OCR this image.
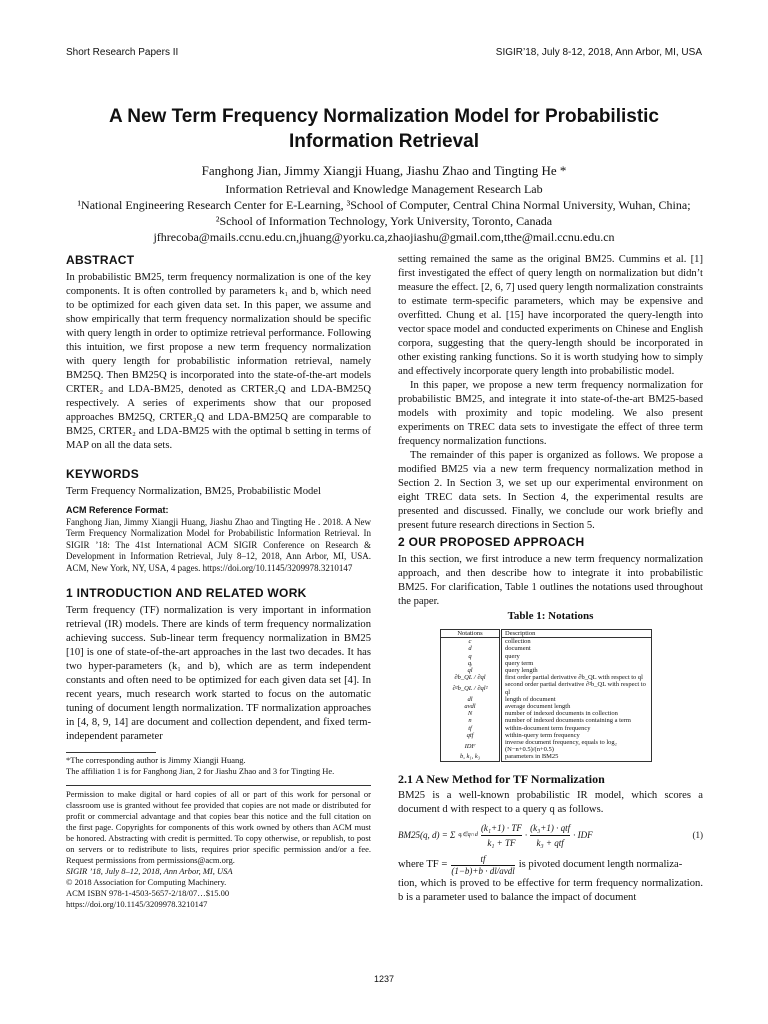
Short Research Papers II	SIGIR’18, July 8-12, 2018, Ann Arbor, MI, USA
A New Term Frequency Normalization Model for Probabilistic Information Retrieval
Fanghong Jian, Jimmy Xiangji Huang, Jiashu Zhao and Tingting He *
Information Retrieval and Knowledge Management Research Lab
¹National Engineering Research Center for E-Learning, ³School of Computer, Central China Normal University, Wuhan, China; ²School of Information Technology, York University, Toronto, Canada
jfhrecoba@mails.ccnu.edu.cn,jhuang@yorku.ca,zhaojiashu@gmail.com,tthe@mail.ccnu.edu.cn
ABSTRACT

In probabilistic BM25, term frequency normalization is one of the key components. It is often controlled by parameters k₁ and b, which need to be optimized for each given data set. In this paper, we assume and show empirically that term frequency normalization should be specific with query length in order to optimize retrieval performance. Following this intuition, we first propose a new term frequency normalization with query length for probabilistic information retrieval, namely BM25Q. Then BM25Q is incorporated into the state-of-the-art models CRTER₂ and LDA-BM25, denoted as CRTER₂Q and LDA-BM25Q respectively. A series of experiments show that our proposed approaches BM25Q, CRTER₂Q and LDA-BM25Q are comparable to BM25, CRTER₂ and LDA-BM25 with the optimal b setting in terms of MAP on all the data sets.

KEYWORDS

Term Frequency Normalization, BM25, Probabilistic Model

ACM Reference Format:

Fanghong Jian, Jimmy Xiangji Huang, Jiashu Zhao and Tingting He . 2018. A New Term Frequency Normalization Model for Probabilistic Information Retrieval. In SIGIR ’18: The 41st International ACM SIGIR Conference on Research & Development in Information Retrieval, July 8–12, 2018, Ann Arbor, MI, USA. ACM, New York, NY, USA, 4 pages. https://doi.org/10.1145/3209978.3210147

1 INTRODUCTION AND RELATED WORK

Term frequency (TF) normalization is very important in information retrieval (IR) models. There are kinds of term frequency normalization achieving success. Sub-linear term frequency normalization in BM25 [10] is one of state-of-the-art approaches in the last two decades. It has two hyper-parameters (k₁ and b), which are as term independent constants and often need to be optimized for each given data set [4]. In recent years, much research work started to focus on the automatic tuning of document length normalization. TF normalization approaches in [4, 8, 9, 14] are document and collection dependent, and fixed term-independent parameter

*The corresponding author is Jimmy Xiangji Huang.
The affiliation 1 is for Fanghong Jian, 2 for Jiashu Zhao and 3 for Tingting He.

Permission to make digital or hard copies of all or part of this work for personal or classroom use is granted without fee provided that copies are not made or distributed for profit or commercial advantage and that copies bear this notice and the full citation on the first page. Copyrights for components of this work owned by others than ACM must be honored. Abstracting with credit is permitted. To copy otherwise, or republish, to post on servers or to redistribute to lists, requires prior specific permission and/or a fee. Request permissions from permissions@acm.org.

SIGIR ’18, July 8–12, 2018, Ann Arbor, MI, USA
© 2018 Association for Computing Machinery.
ACM ISBN 978-1-4503-5657-2/18/07…$15.00
https://doi.org/10.1145/3209978.3210147

setting remained the same as the original BM25. Cummins et al. [1] first investigated the effect of query length on normalization but didn’t measure the effect. [2, 6, 7] used query length normalization constraints to estimate term-specific parameters, which may be expensive and overfitted. Chung et al. [15] have incorporated the query-length into vector space model and conducted experiments on Chinese and English corpora, suggesting that the query-length should be incorporated in other existing ranking functions. So it is worth studying how to simply and effectively incorporate query length into probabilistic model.

In this paper, we propose a new term frequency normalization for probabilistic BM25, and integrate it into state-of-the-art BM25-based models with proximity and topic modeling. We also present experiments on TREC data sets to investigate the effect of three term frequency normalization functions.

The remainder of this paper is organized as follows. We propose a modified BM25 via a new term frequency normalization method in Section 2. In Section 3, we set up our experimental environment on eight TREC data sets. In Section 4, the experimental results are presented and discussed. Finally, we conclude our work briefly and present future research directions in Section 5.

2 OUR PROPOSED APPROACH

In this section, we first introduce a new term frequency normalization approach, and then describe how to integrate it into probabilistic BM25. For clarification, Table 1 outlines the notations used throughout the paper.

Table 1: Notations
Notations	Description
c	collection
d	document
q	query
qᵢ	query term
ql	query length
∂b_QL / ∂ql	first order partial derivative ∂b_QL with respect to ql
∂²b_QL / ∂ql²	second order partial derivative ∂²b_QL with respect to ql
dl	length of document
avdl	average document length
N	number of indexed documents in collection
n	number of indexed documents containing a term
tf	within-document term frequency
qtf	within-query term frequency
IDF	inverse document frequency, equals to log₂ (N−n+0.5)/(n+0.5)
b, k₁, k₃	parameters in BM25
2.1 A New Method for TF Normalization

BM25 is a well-known probabilistic IR model, which scores a document d with respect to a query q as follows.

BM25(q, d) = Σ qᵢ∈q∩d
(k₁+1) · TF
k₁ + TF
·
(k₃+1) · qtf
k₃ + qtf
· IDF	(1)
where TF =
tf
(1−b)+b · dl/avdl
is pivoted document length normaliza-

tion, which is proved to be effective for term frequency normalization. b is a parameter used to balance the impact of document

1237
